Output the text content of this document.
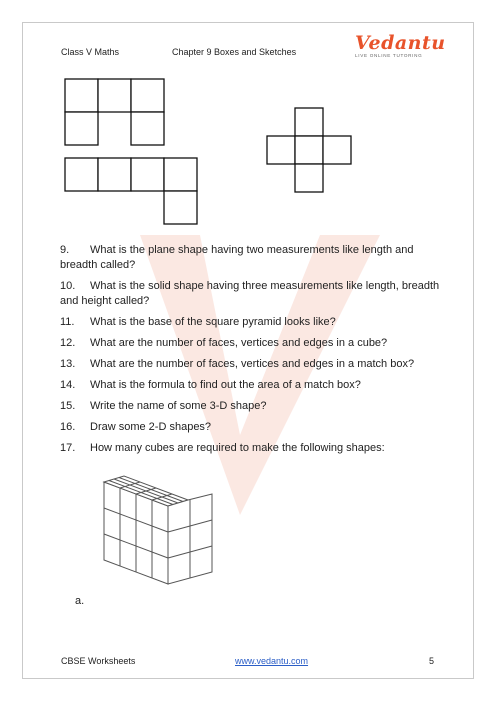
Class V Maths	Chapter 9 Boxes and Sketches	Vedantu
LIVE ONLINE TUTORING

9. What is the plane shape having two measurements like length and breadth called?

10. What is the solid shape having three measurements like length, breadth and height called?

11. What is the base of the square pyramid looks like?

12. What are the number of faces, vertices and edges in a cube?

13. What are the number of faces, vertices and edges in a match box?

14. What is the formula to find out the area of a match box?

15. Write the name of some 3-D shape?

16. Draw some 2-D shapes?

17. How many cubes are required to make the following shapes:

a.
CBSE Worksheets	www.vedantu.com	5
